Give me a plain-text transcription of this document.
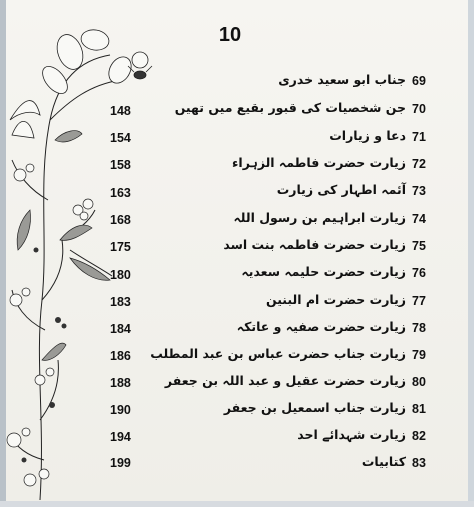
10
جناب ابو سعید خدری 69
جن شخصیات کی قبور بقیع میں تھیں 70
148
دعا و زیارات 71
154
زیارت حضرت فاطمہ الزہراء 72
158
آئمہ اطہار کی زیارت 73
163
زیارت ابراہیم بن رسول اللہ 74
168
زیارت حضرت فاطمہ بنت اسد 75
175
زیارت حضرت حلیمہ سعدیہ 76
180
زیارت حضرت ام البنین 77
183
زیارت حضرت صفیہ و عاتکہ 78
184
زیارت جناب حضرت عباس بن عبد المطلب 79
186
زیارت حضرت عقیل و عبد اللہ بن جعفر 80
188
زیارت جناب اسمعیل بن جعفر 81
190
زیارت شہدائے احد 82
194
کتابیات 83
199
